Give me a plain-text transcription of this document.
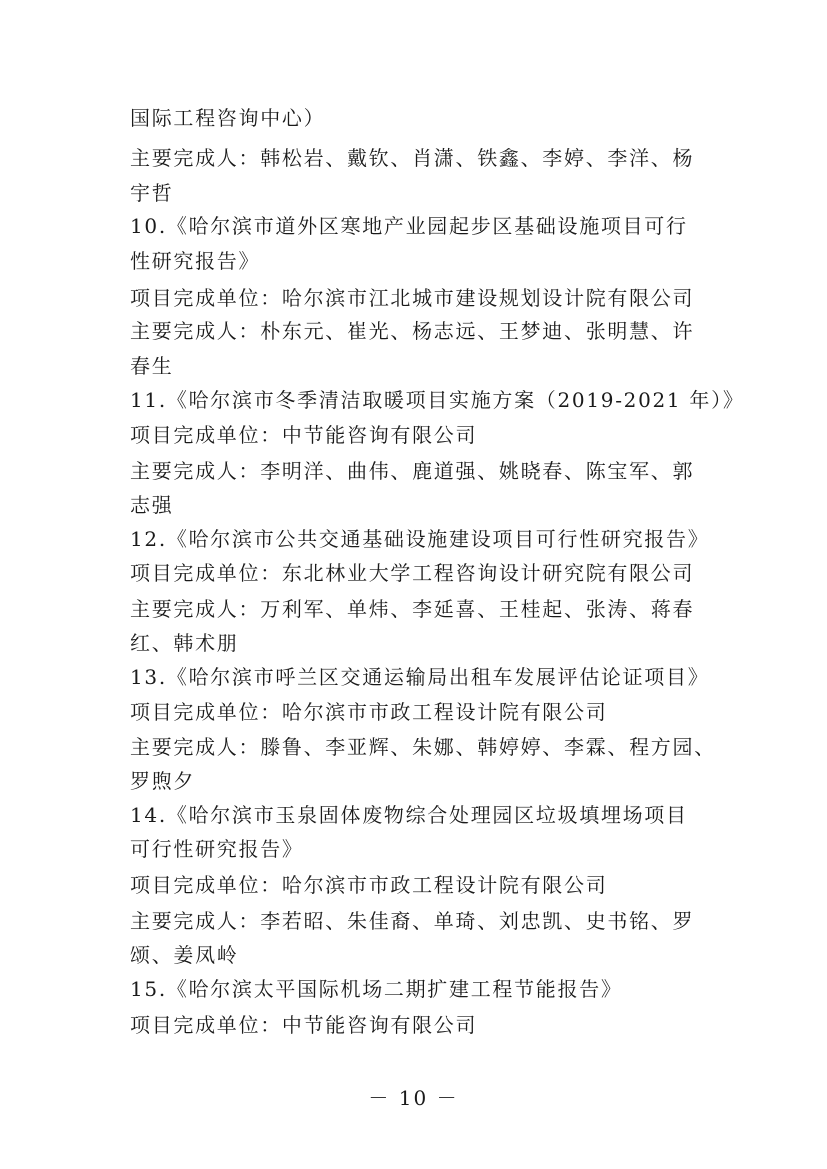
国际工程咨询中心）
主要完成人：韩松岩、戴钦、肖潇、铁鑫、李婷、李洋、杨
宇哲
10.《哈尔滨市道外区寒地产业园起步区基础设施项目可行
性研究报告》
项目完成单位：哈尔滨市江北城市建设规划设计院有限公司
主要完成人：朴东元、崔光、杨志远、王梦迪、张明慧、许
春生
11.《哈尔滨市冬季清洁取暖项目实施方案（2019-2021 年）》
项目完成单位：中节能咨询有限公司
主要完成人：李明洋、曲伟、鹿道强、姚晓春、陈宝军、郭
志强
12.《哈尔滨市公共交通基础设施建设项目可行性研究报告》
项目完成单位：东北林业大学工程咨询设计研究院有限公司
主要完成人：万利军、单炜、李延喜、王桂起、张涛、蒋春
红、韩术朋
13.《哈尔滨市呼兰区交通运输局出租车发展评估论证项目》
项目完成单位：哈尔滨市市政工程设计院有限公司
主要完成人：滕鲁、李亚辉、朱娜、韩婷婷、李霖、程方园、
罗煦夕
14.《哈尔滨市玉泉固体废物综合处理园区垃圾填埋场项目
可行性研究报告》
项目完成单位：哈尔滨市市政工程设计院有限公司
主要完成人：李若昭、朱佳裔、单琦、刘忠凯、史书铭、罗
颂、姜凤岭
15.《哈尔滨太平国际机场二期扩建工程节能报告》
项目完成单位：中节能咨询有限公司
－ 10 －
